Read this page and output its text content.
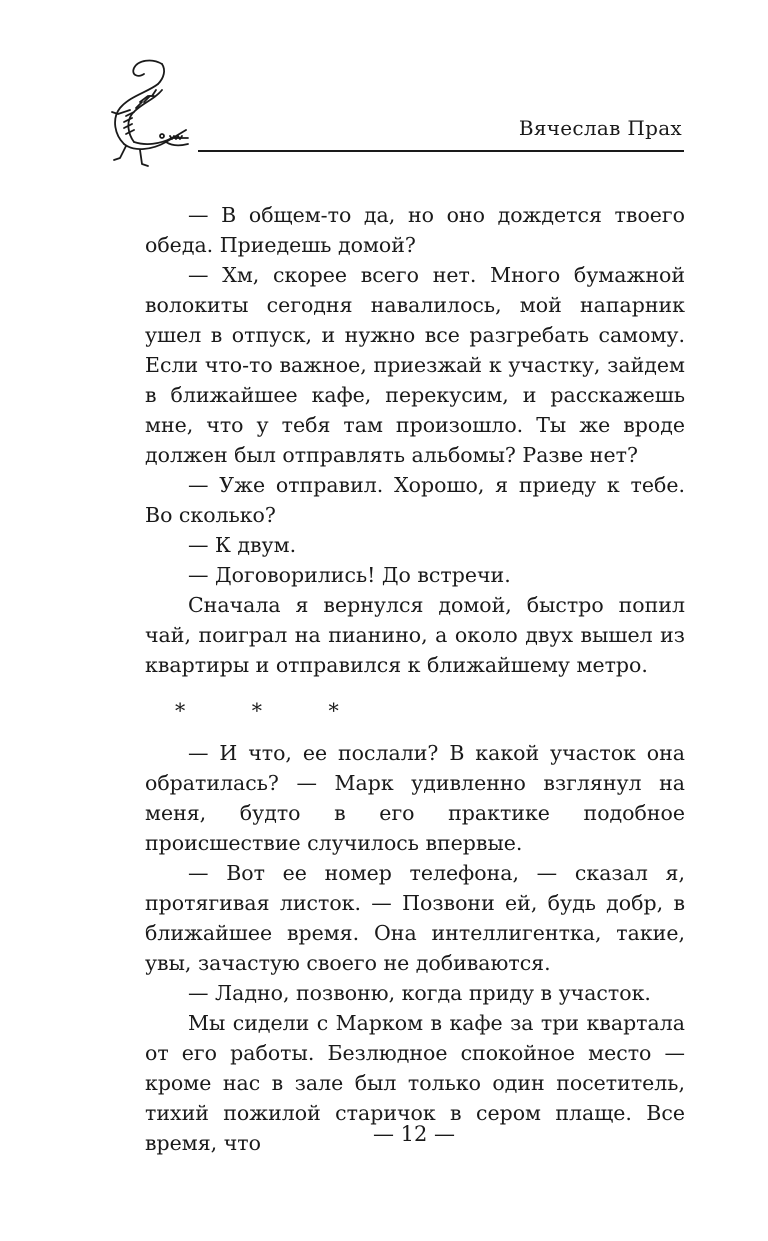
Вячеслав Прах

— В общем-то да, но оно дождется твоего обеда. Приедешь домой?

— Хм, скорее всего нет. Много бумажной волокиты сегодня навалилось, мой напарник ушел в отпуск, и нужно все разгребать самому. Если что-то важное, приезжай к участку, зайдем в ближайшее кафе, перекусим, и расскажешь мне, что у тебя там произошло. Ты же вроде должен был отправлять альбомы? Разве нет?

— Уже отправил. Хорошо, я приеду к тебе. Во сколько?

— К двум.

— Договорились! До встречи.

Сначала я вернулся домой, быстро попил чай, поиграл на пианино, а около двух вышел из квартиры и отправился к ближайшему метро.

* * *

— И что, ее послали? В какой участок она обратилась? — Марк удивленно взглянул на меня, будто в его практике подобное происшествие случилось впервые.

— Вот ее номер телефона, — сказал я, протягивая листок. — Позвони ей, будь добр, в ближайшее время. Она интеллигентка, такие, увы, зачастую своего не добиваются.

— Ладно, позвоню, когда приду в участок.

Мы сидели с Марком в кафе за три квартала от его работы. Безлюдное спокойное место — кроме нас в зале был только один посетитель, тихий пожилой старичок в сером плаще. Все время, что	— 12 —
